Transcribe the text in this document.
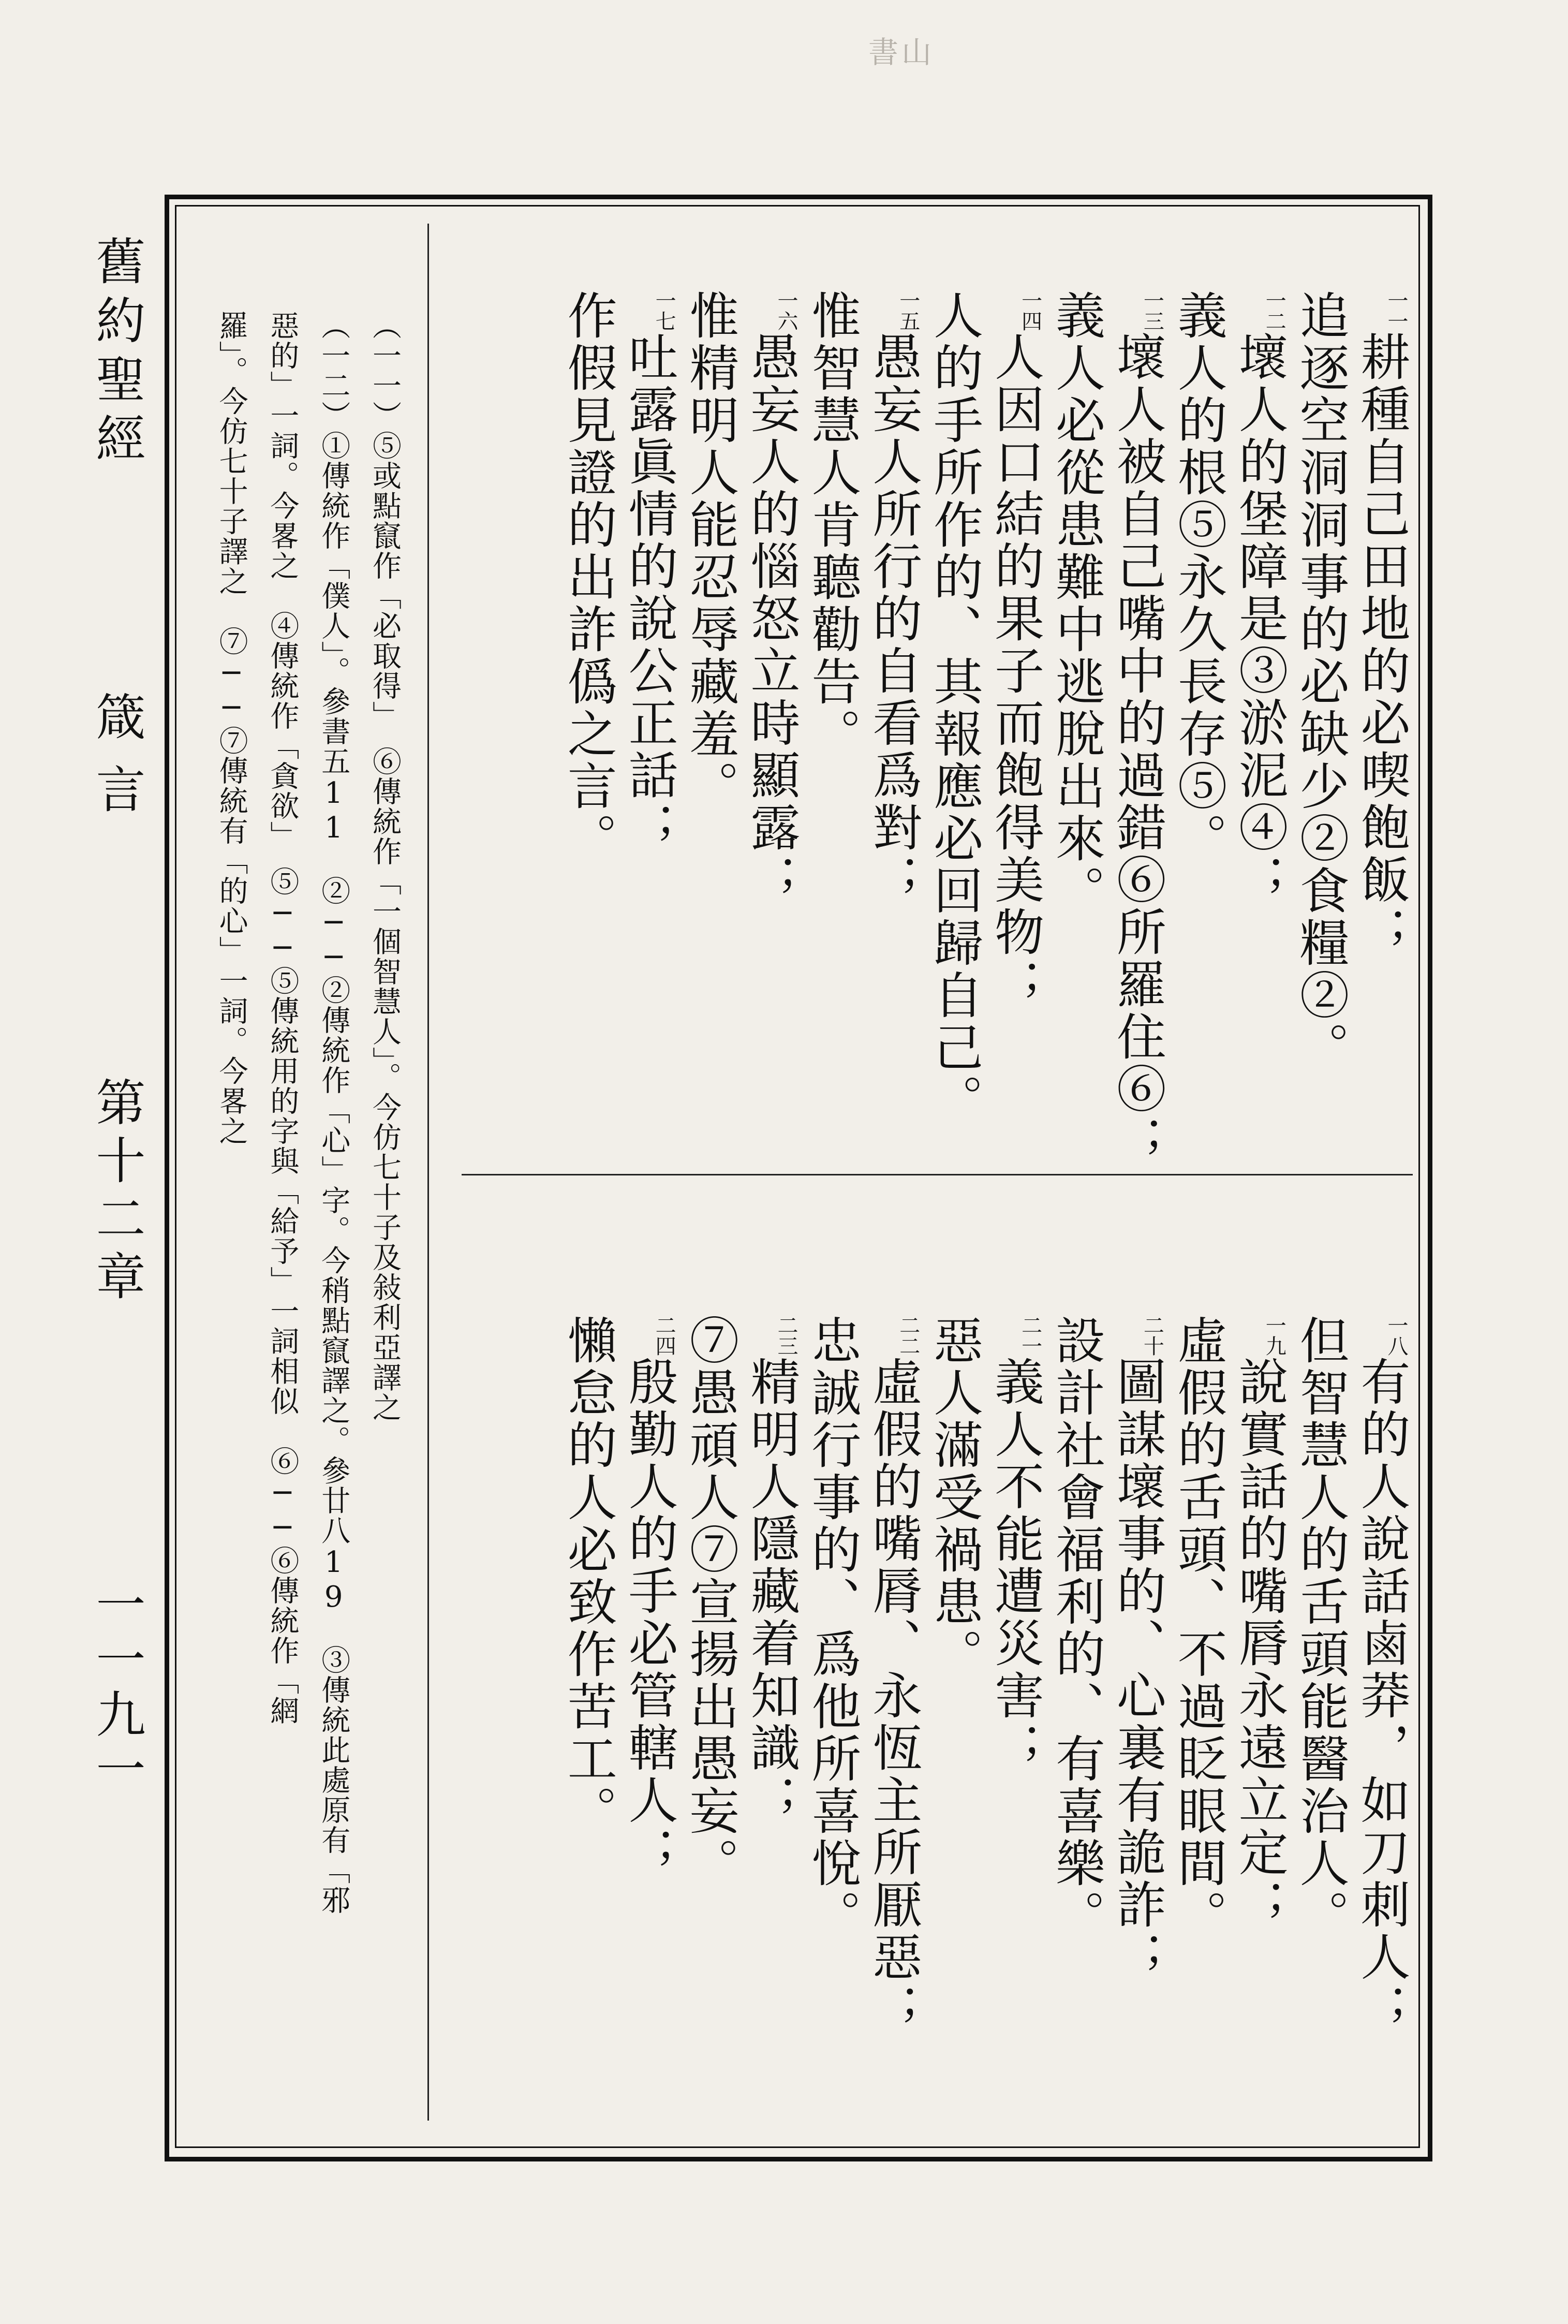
山
書
舊約聖經
箴言
第十二章
一一九一
$^{一一}$耕種自己田地的必喫飽飯；
追逐空洞洞事的必缺少②食糧②。
$^{一二}$壞人的堡障是③淤泥④；
義人的根⑤永久長存⑤。
$^{一三}$壞人被自己嘴中的過錯⑥所羅住⑥；
義人必從患難中逃脫出來。
$^{一四}$人因口結的果子而飽得美物；
人的手所作的、其報應必回歸自己。
$^{一五}$愚妄人所行的自看爲對；
惟智慧人肯聽勸告。
$^{一六}$愚妄人的惱怒立時顯露；
惟精明人能忍辱藏羞。
$^{一七}$吐露眞情的說公正話；
作假見證的出詐僞之言。
$^{一八}$有的人說話鹵莽，如刀刺人；
但智慧人的舌頭能醫治人。
$^{一九}$說實話的嘴脣永遠立定；
虛假的舌頭、不過眨眼間。
$^{二十}$圖謀壞事的、心裏有詭詐；
設計社會福利的、有喜樂。
$^{二一}$義人不能遭災害；
惡人滿受禍患。
$^{二二}$虛假的嘴脣、永恆主所厭惡；
忠誠行事的、爲他所喜悅。
$^{二三}$精明人隱藏着知識；
⑦愚頑人⑦宣揚出愚妄。
$^{二四}$殷勤人的手必管轄人；
懶怠的人必致作苦工。
（一一）⑤或點竄作「必取得」　⑥傳統作「一個智慧人」。今仿七十子及敍利亞譯之
（一二）①傳統作「僕人」。參書五11　②──②傳統作「心」字。今稍點竄譯之。參廿八19　③傳統此處原有「邪
惡的」一詞。今畧之　④傳統作「貪欲」　⑤──⑤傳統用的字與「給予」一詞相似　⑥──⑥傳統作「網
羅」。今仿七十子譯之　⑦──⑦傳統有「的心」一詞。今畧之
